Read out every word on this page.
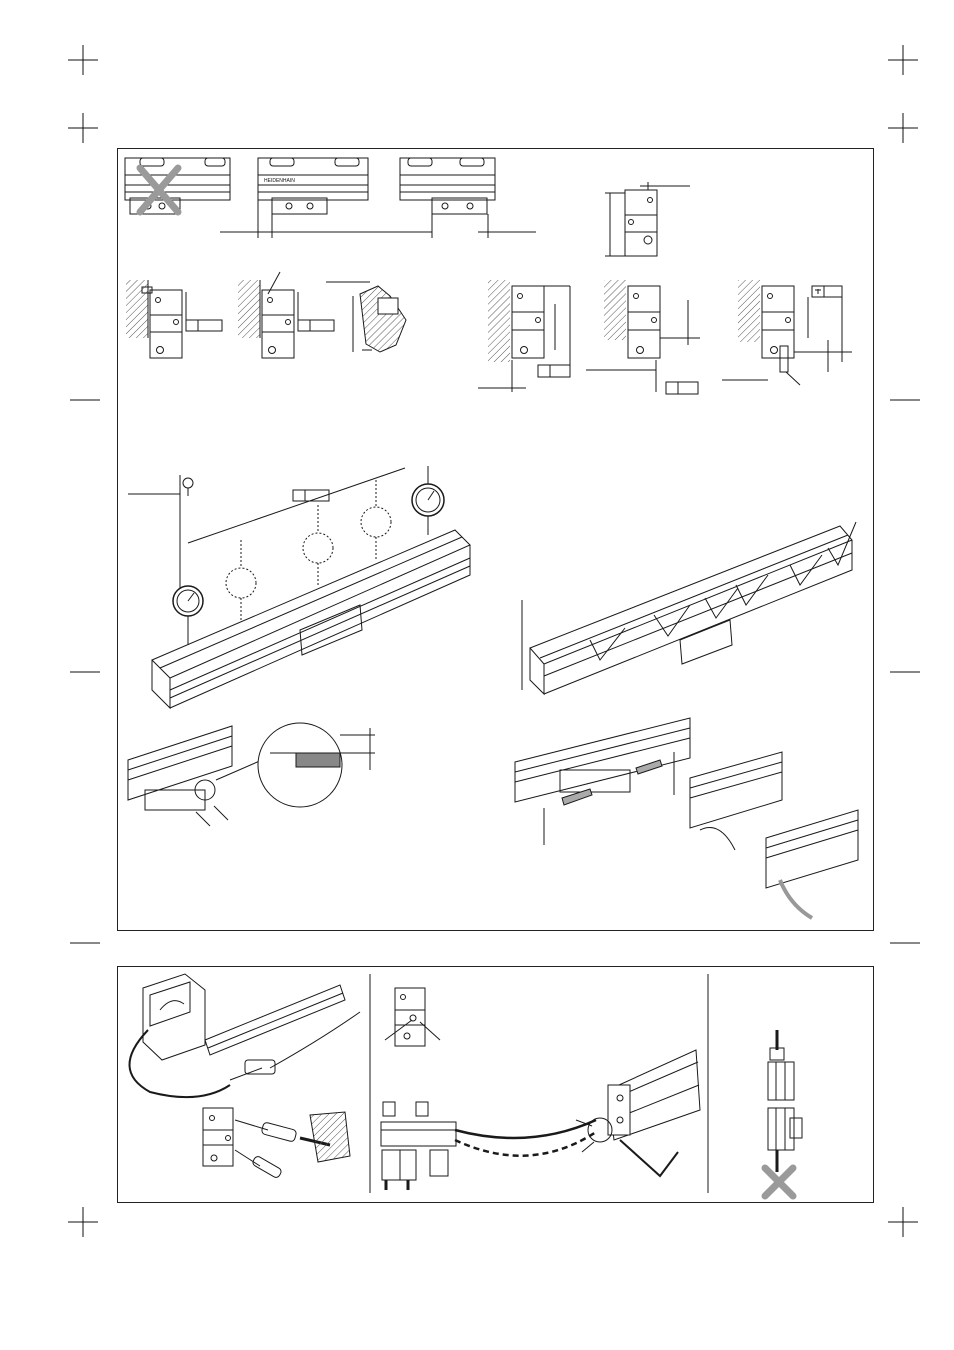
HEIDENHAIN
